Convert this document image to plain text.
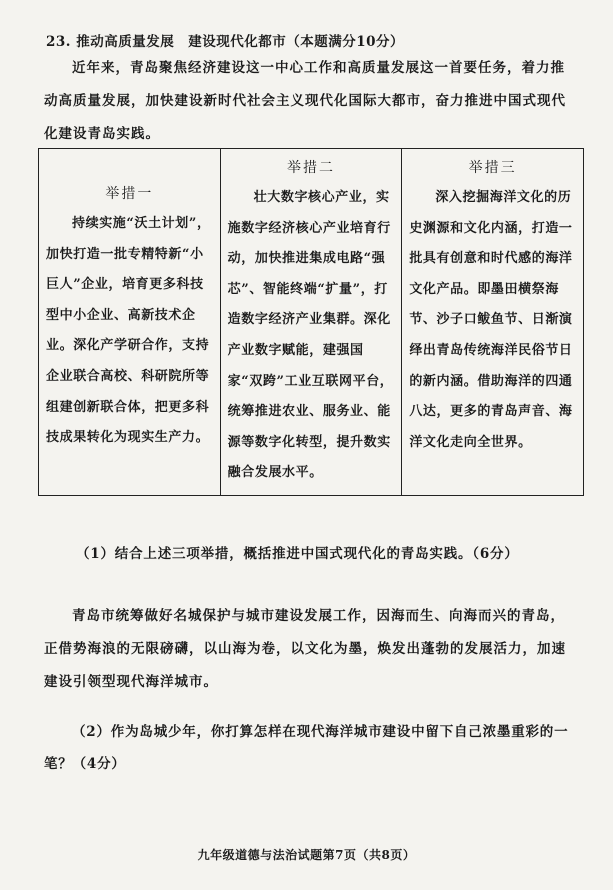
23. 推动高质量发展　建设现代化都市（本题满分10分）
近年来，青岛聚焦经济建设这一中心工作和高质量发展这一首要任务，着力推动高质量发展，加快建设新时代社会主义现代化国际大都市，奋力推进中国式现代化建设青岛实践。
举措一
持续实施“沃土计划”，加快打造一批专精特新“小巨人”企业，培育更多科技型中小企业、高新技术企业。深化产学研合作，支持企业联合高校、科研院所等组建创新联合体，把更多科技成果转化为现实生产力。

举措二
壮大数字核心产业，实施数字经济核心产业培育行动，加快推进集成电路“强芯”、智能终端“扩量”，打造数字经济产业集群。深化产业数字赋能，建强国家“双跨”工业互联网平台，统筹推进农业、服务业、能源等数字化转型，提升数实融合发展水平。

举措三
深入挖掘海洋文化的历史渊源和文化内涵，打造一批具有创意和时代感的海洋文化产品。即墨田横祭海节、沙子口鲅鱼节、日渐演绎出青岛传统海洋民俗节日的新内涵。借助海洋的四通八达，更多的青岛声音、海洋文化走向全世界。
（1）结合上述三项举措，概括推进中国式现代化的青岛实践。（6分）
青岛市统筹做好名城保护与城市建设发展工作，因海而生、向海而兴的青岛，正借势海浪的无限磅礴，以山海为卷，以文化为墨，焕发出蓬勃的发展活力，加速建设引领型现代海洋城市。
（2）作为岛城少年，你打算怎样在现代海洋城市建设中留下自己浓墨重彩的一笔？（4分）
九年级道德与法治试题第7页（共8页）
